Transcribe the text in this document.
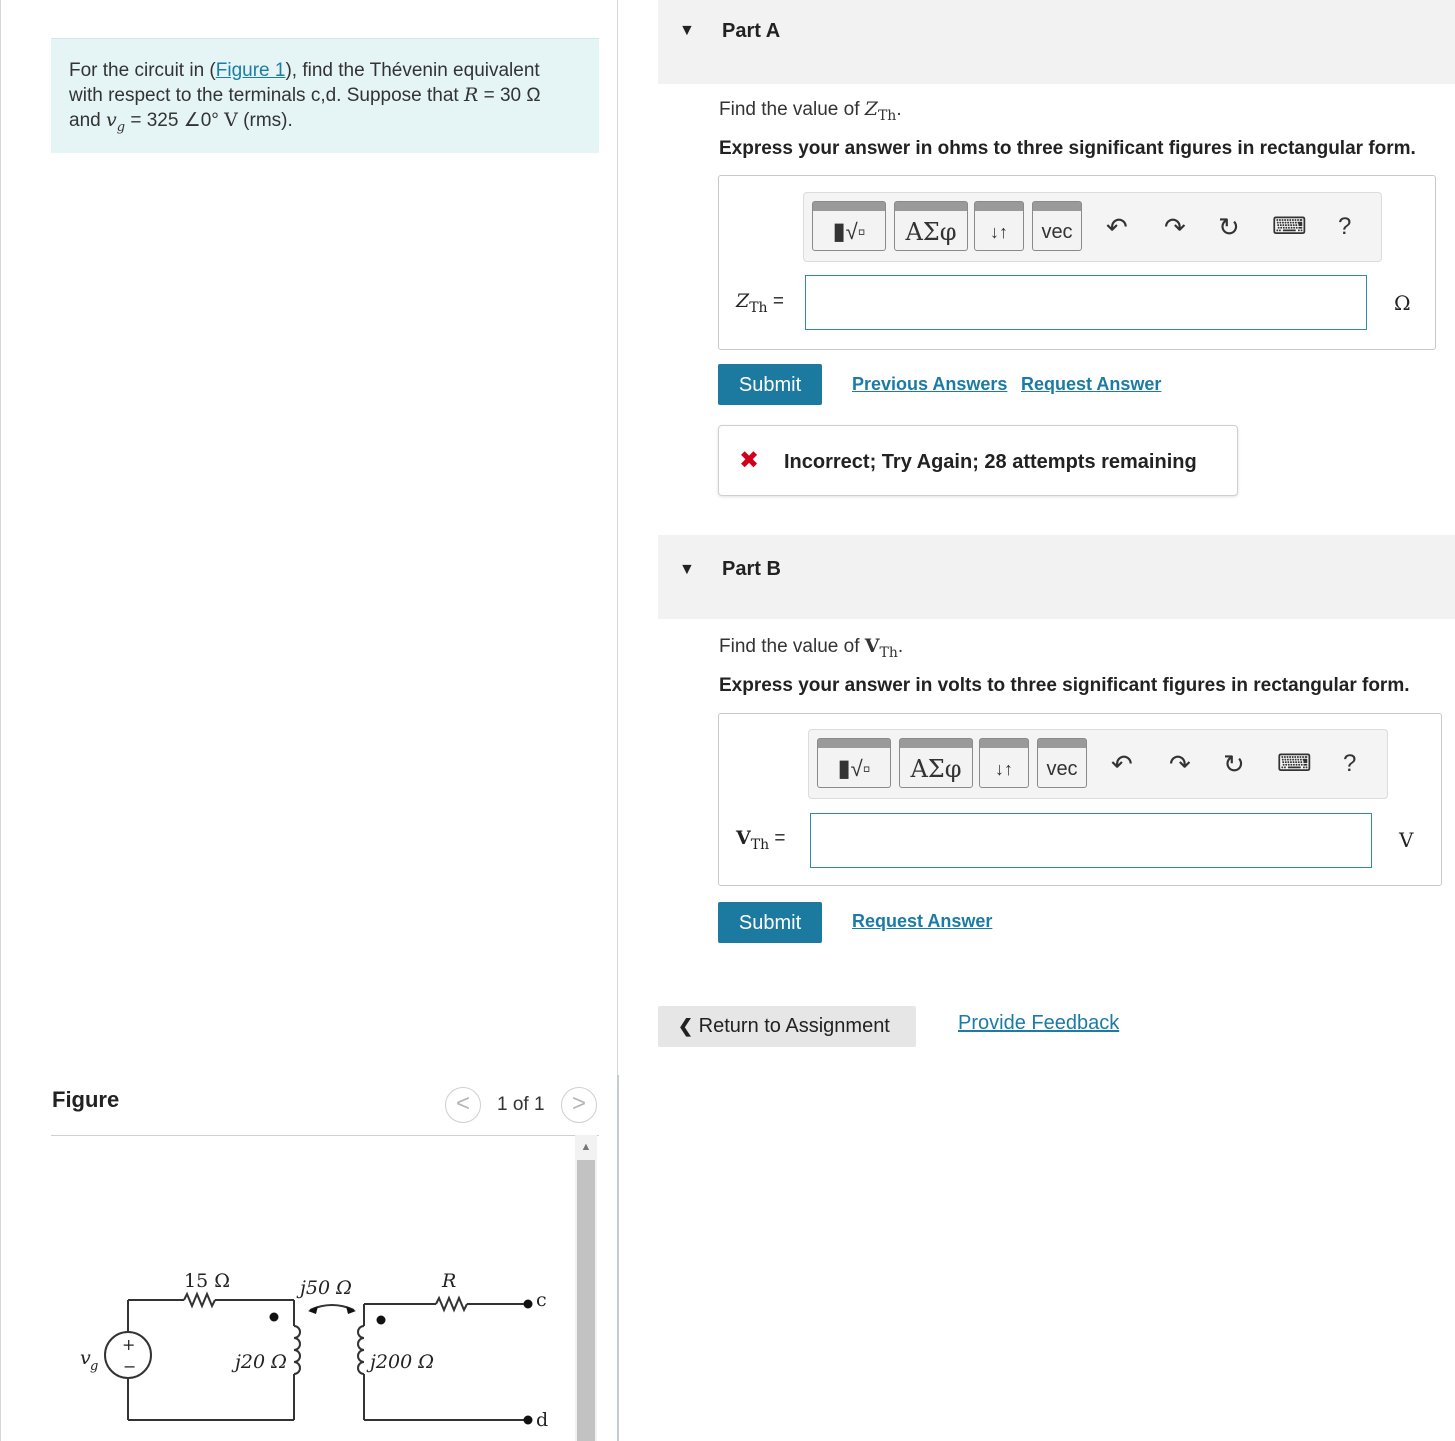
For the circuit in (Figure 1), find the Thévenin equivalent
with respect to the terminals c,d. Suppose that R = 30 Ω
and $v_g = 325$ ∠0° V (rms).
Figure	<	1 of 1	>
▲
15 Ω	j50 Ω	R
j20 Ω	j200 Ω
v g
c
d
+
−
▼ Part A
Find the value of $Z_{Th}$.
Express your answer in ohms to three significant figures in rectangular form.
▮√▫	ΑΣφ	↓↑	vec	↶ ↷ ↻ ⌨ ?
$Z_{Th}$ =	Ω
Submit	Previous Answers Request Answer
✖ Incorrect; Try Again; 28 attempts remaining
▼ Part B
Find the value of $V_{Th}$.
Express your answer in volts to three significant figures in rectangular form.
▮√▫	ΑΣφ	↓↑	vec	↶ ↷ ↻ ⌨ ?
$V_{Th}$ =	V
Submit	Request Answer
❮ Return to Assignment	Provide Feedback
